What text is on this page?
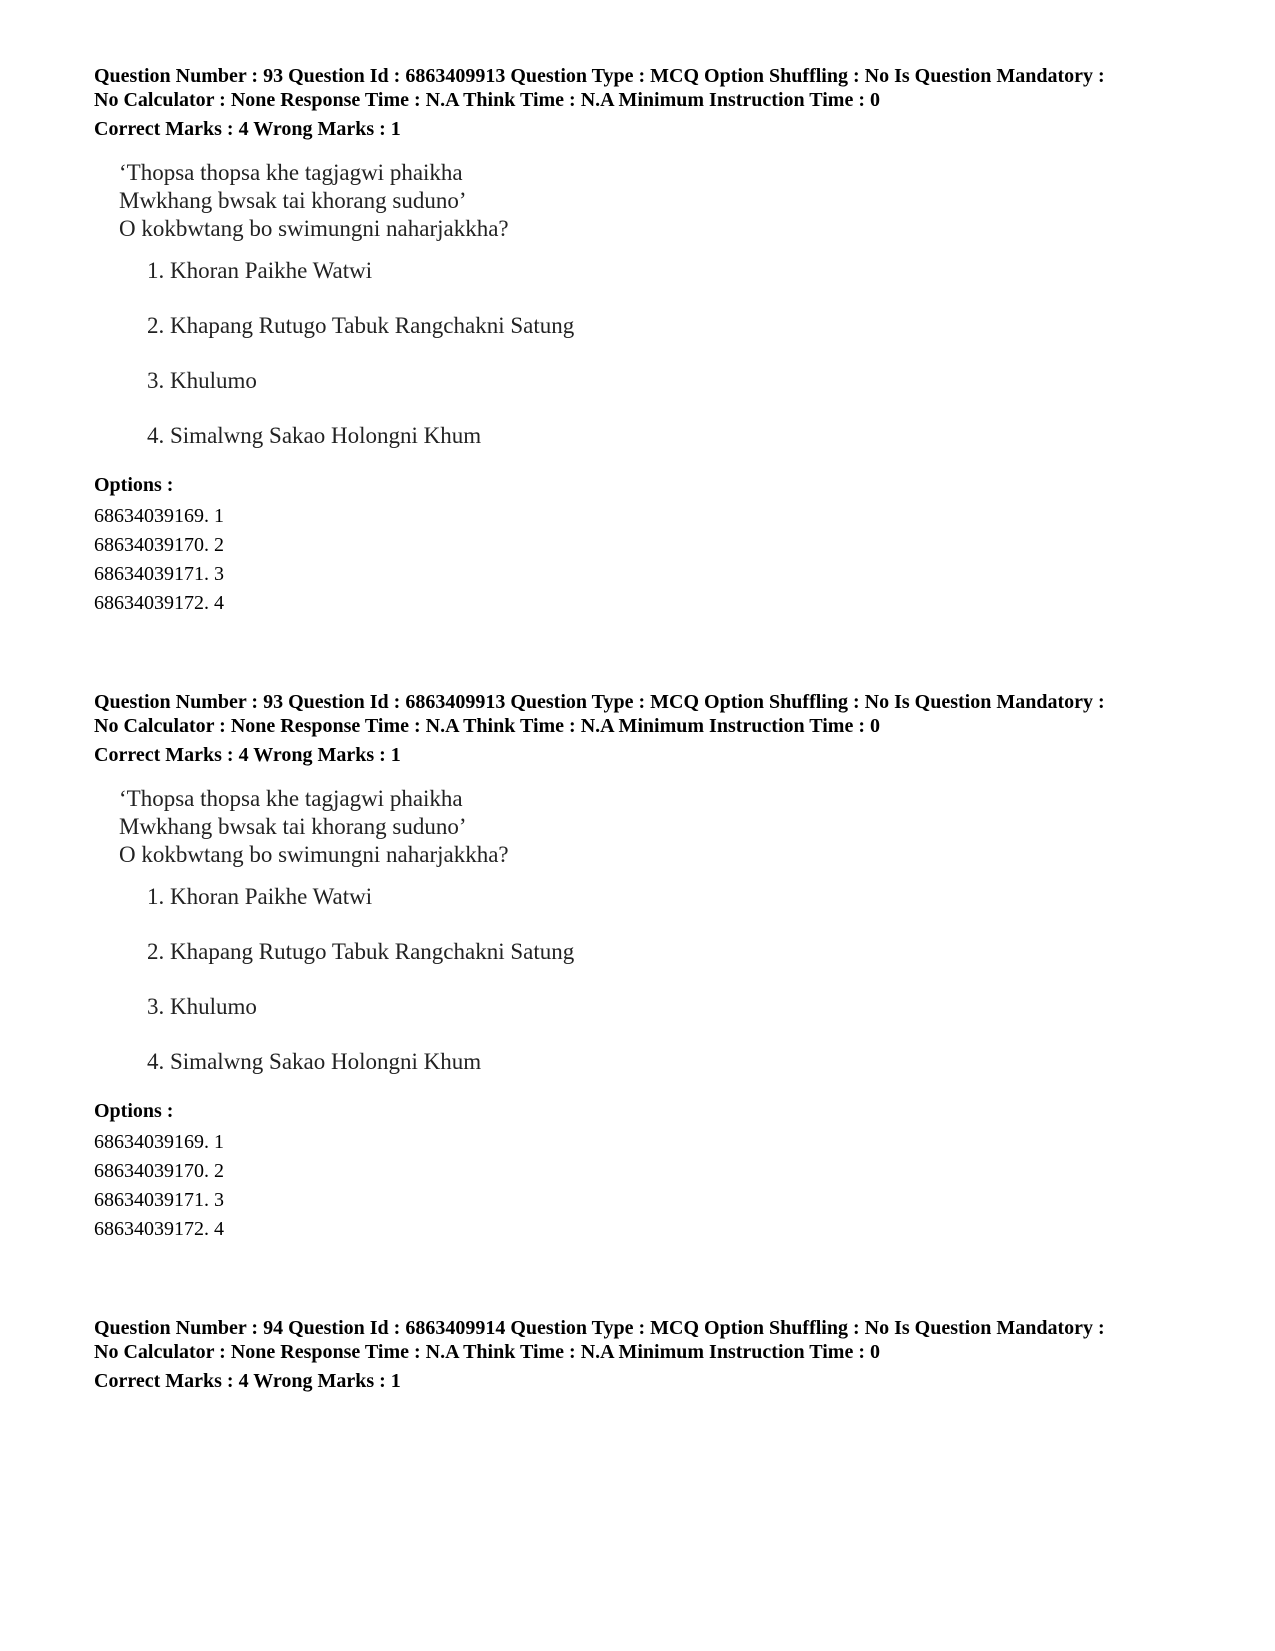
Question Number : 93 Question Id : 6863409913 Question Type : MCQ Option Shuffling : No Is Question Mandatory :
No Calculator : None Response Time : N.A Think Time : N.A Minimum Instruction Time : 0
Correct Marks : 4 Wrong Marks : 1
‘Thopsa thopsa khe tagjagwi phaikha
Mwkhang bwsak tai khorang suduno’
O kokbwtang bo swimungni naharjakkha?
1. Khoran Paikhe Watwi
2. Khapang Rutugo Tabuk Rangchakni Satung
3. Khulumo
4. Simalwng Sakao Holongni Khum
Options :
68634039169. 1
68634039170. 2
68634039171. 3
68634039172. 4
Question Number : 93 Question Id : 6863409913 Question Type : MCQ Option Shuffling : No Is Question Mandatory :
No Calculator : None Response Time : N.A Think Time : N.A Minimum Instruction Time : 0
Correct Marks : 4 Wrong Marks : 1
‘Thopsa thopsa khe tagjagwi phaikha
Mwkhang bwsak tai khorang suduno’
O kokbwtang bo swimungni naharjakkha?
1. Khoran Paikhe Watwi
2. Khapang Rutugo Tabuk Rangchakni Satung
3. Khulumo
4. Simalwng Sakao Holongni Khum
Options :
68634039169. 1
68634039170. 2
68634039171. 3
68634039172. 4
Question Number : 94 Question Id : 6863409914 Question Type : MCQ Option Shuffling : No Is Question Mandatory :
No Calculator : None Response Time : N.A Think Time : N.A Minimum Instruction Time : 0
Correct Marks : 4 Wrong Marks : 1
